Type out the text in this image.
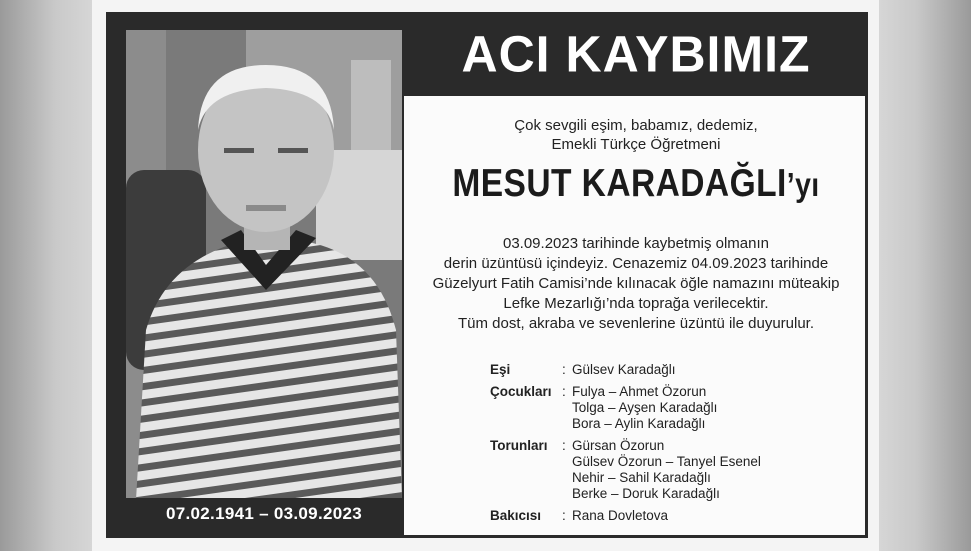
07.02.1941 – 03.09.2023
ACI KAYBIMIZ
Çok sevgili eşim, babamız, dedemiz,
Emekli Türkçe Öğretmeni
MESUT KARADAĞLI’yı
03.09.2023 tarihinde kaybetmiş olmanın
derin üzüntüsü içindeyiz. Cenazemiz 04.09.2023 tarihinde
Güzelyurt Fatih Camisi’nde kılınacak öğle namazını müteakip
Lefke Mezarlığı’nda toprağa verilecektir.
Tüm dost, akraba ve sevenlerine üzüntü ile duyurulur.
Eşi	: Gülsev Karadağlı
Çocukları : Fulya – Ahmet Özorun
Tolga – Ayşen Karadağlı
Bora – Aylin Karadağlı
Torunları	: Gürsan Özorun
Gülsev Özorun – Tanyel Esenel
Nehir – Sahil Karadağlı
Berke – Doruk Karadağlı
Bakıcısı	: Rana Dovletova
